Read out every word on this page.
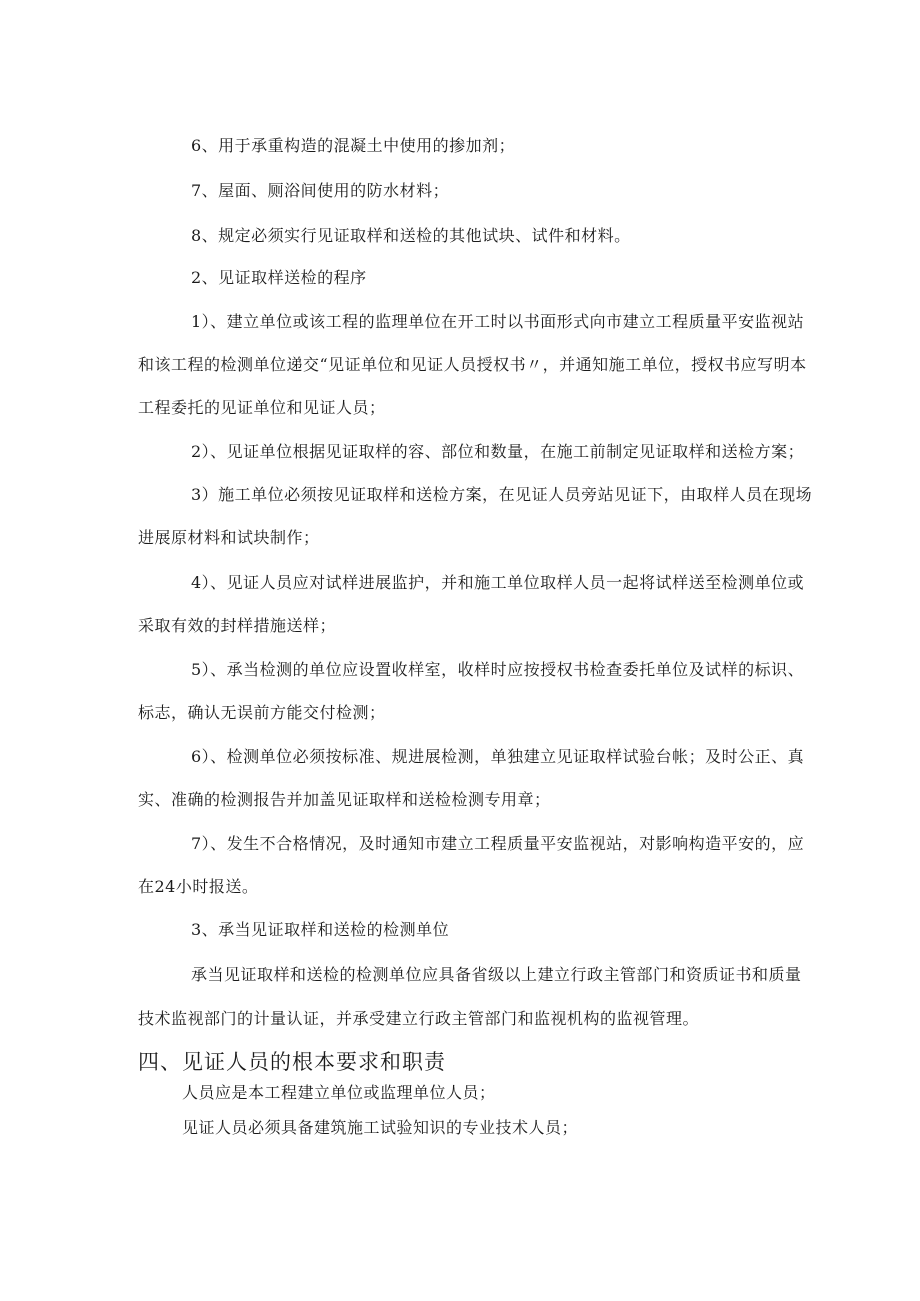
6、用于承重构造的混凝土中使用的掺加剂；
7、屋面、厕浴间使用的防水材料；
8、规定必须实行见证取样和送检的其他试块、试件和材料。
2、见证取样送检的程序
1）、建立单位或该工程的监理单位在开工时以书面形式向市建立工程质量平安监视站
和该工程的检测单位递交“见证单位和见证人员授权书〃，并通知施工单位，授权书应写明本
工程委托的见证单位和见证人员；
2）、见证单位根据见证取样的容、部位和数量，在施工前制定见证取样和送检方案；
3）施工单位必须按见证取样和送检方案，在见证人员旁站见证下，由取样人员在现场
进展原材料和试块制作；
4）、见证人员应对试样进展监护，并和施工单位取样人员一起将试样送至检测单位或
采取有效的封样措施送样；
5）、承当检测的单位应设置收样室，收样时应按授权书检查委托单位及试样的标识、
标志，确认无误前方能交付检测；
6）、检测单位必须按标准、规进展检测，单独建立见证取样试验台帐；及时公正、真
实、准确的检测报告并加盖见证取样和送检检测专用章；
7）、发生不合格情况，及时通知市建立工程质量平安监视站，对影响构造平安的，应
在24小时报送。
3、承当见证取样和送检的检测单位
承当见证取样和送检的检测单位应具备省级以上建立行政主管部门和资质证书和质量
技术监视部门的计量认证，并承受建立行政主管部门和监视机构的监视管理。
四、见证人员的根本要求和职责
人员应是本工程建立单位或监理单位人员；
见证人员必须具备建筑施工试验知识的专业技术人员；
